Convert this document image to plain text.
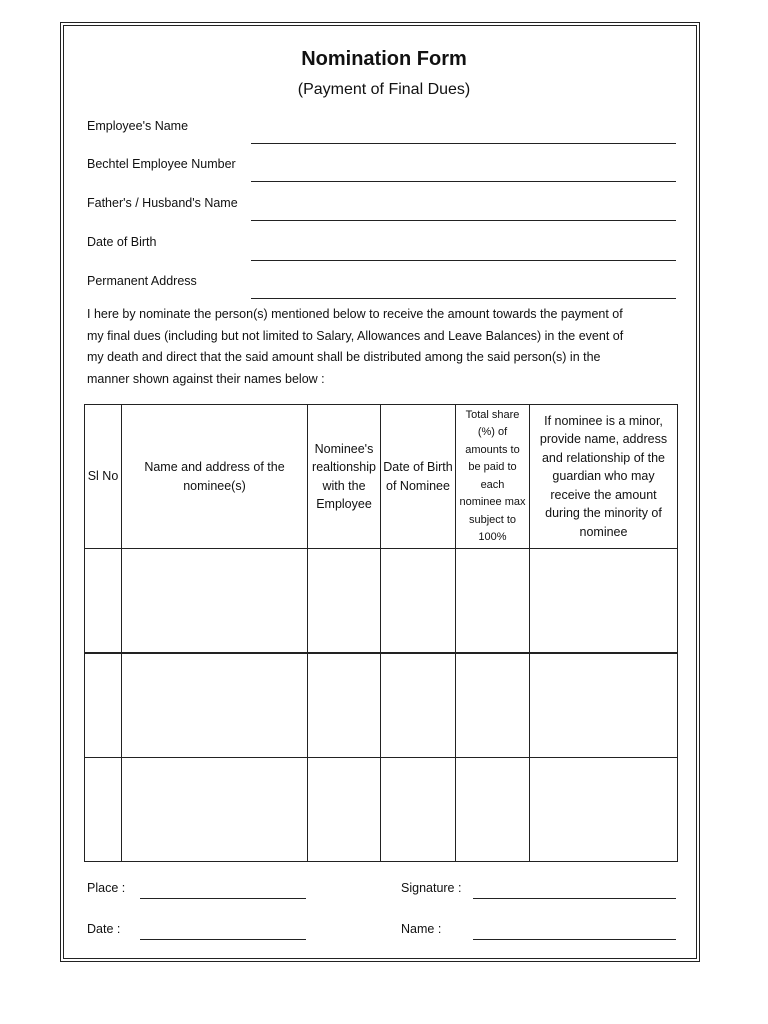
Nomination Form
(Payment of Final Dues)
Employee's Name
Bechtel Employee Number
Father's / Husband's Name
Date of Birth
Permanent Address
I here by nominate the person(s) mentioned below to receive the amount towards the payment of
my final dues (including but not limited to Salary, Allowances and Leave Balances) in the event of
my death and direct that the said amount shall be distributed among the said person(s) in the
manner shown against their names below :
Sl No	Name and address of the nominee(s)	Nominee's realtionship with the Employee	Date of Birth of Nominee	Total share (%) of amounts to be paid to each nominee max subject to 100%	If nominee is a minor, provide name, address and relationship of the guardian who may receive the amount during the minority of nominee

Place :
Date :
Signature :
Name :
